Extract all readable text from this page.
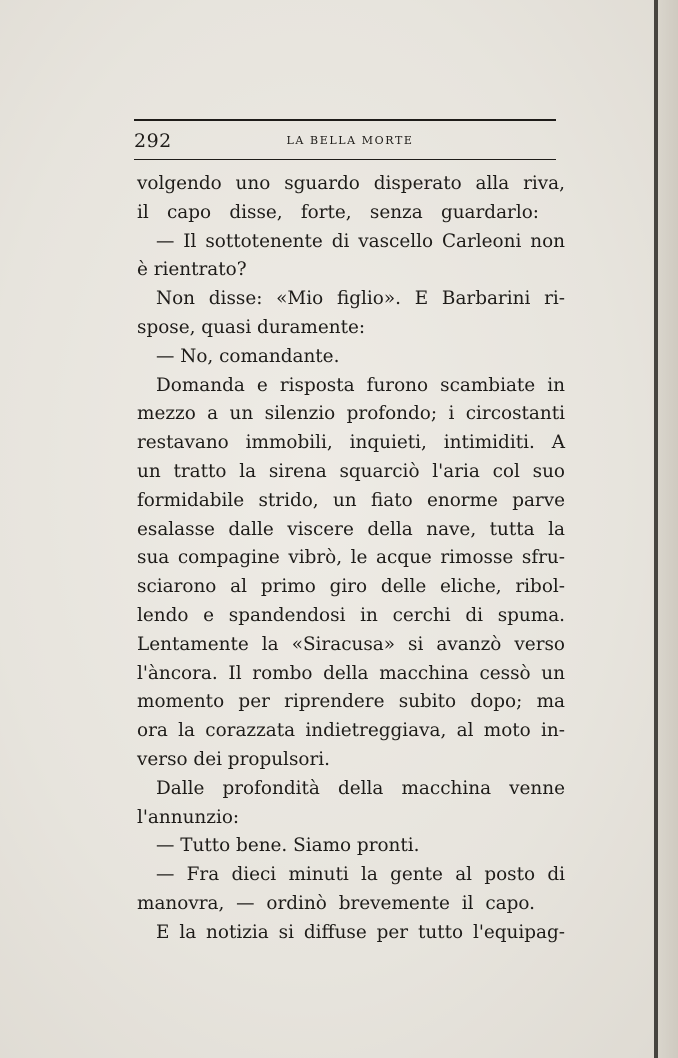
292	LA BELLA MORTE
volgendo uno sguardo disperato alla riva,
il capo disse, forte, senza guardarlo:
— Il sottotenente di vascello Carleoni non
è rientrato?
Non disse: «Mio figlio». E Barbarini ri-
spose, quasi duramente:
— No, comandante.
Domanda e risposta furono scambiate in
mezzo a un silenzio profondo; i circostanti
restavano immobili, inquieti, intimiditi. A
un tratto la sirena squarciò l'aria col suo
formidabile strido, un fiato enorme parve
esalasse dalle viscere della nave, tutta la
sua compagine vibrò, le acque rimosse sfru-
sciarono al primo giro delle eliche, ribol-
lendo e spandendosi in cerchi di spuma.
Lentamente la «Siracusa» si avanzò verso
l'àncora. Il rombo della macchina cessò un
momento per riprendere subito dopo; ma
ora la corazzata indietreggiava, al moto in-
verso dei propulsori.
Dalle profondità della macchina venne
l'annunzio:
— Tutto bene. Siamo pronti.
— Fra dieci minuti la gente al posto di
manovra, — ordinò brevemente il capo.
E la notizia si diffuse per tutto l'equipag-
